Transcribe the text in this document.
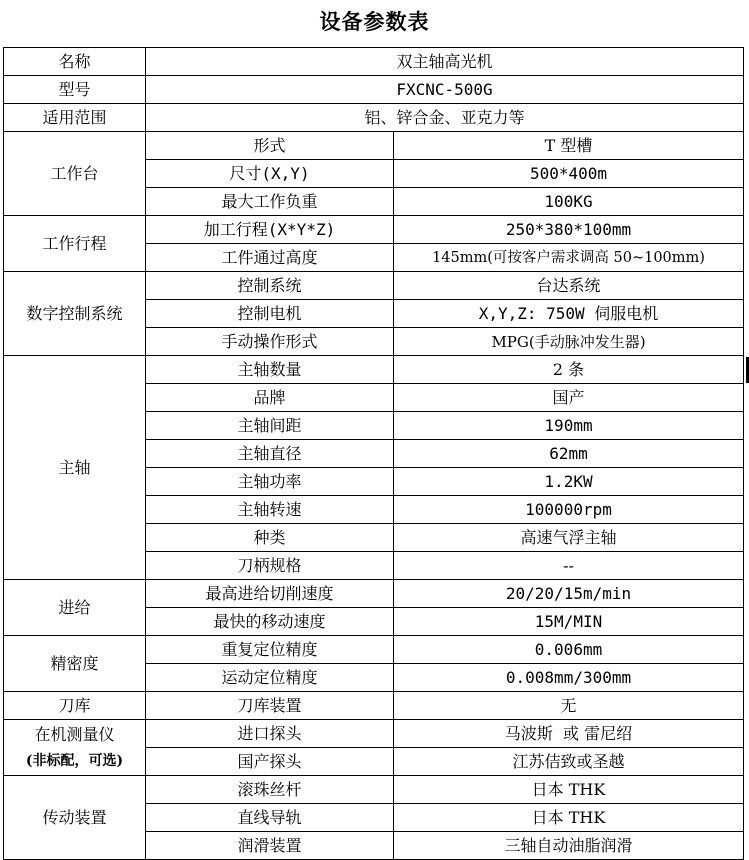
设备参数表
名称	双主轴高光机	
型号	FXCNC-500G	
适用范围	铝、锌合金、亚克力等	
工作台	形式	T 型槽
	尺寸(X,Y)	500*400m
	最大工作负重	100KG
工作行程	加工行程(X*Y*Z)	250*380*100mm
	工件通过高度	145mm(可按客户需求调高 50~100mm)
数字控制系统	控制系统	台达系统
	控制电机	X,Y,Z: 750W 伺服电机
	手动操作形式	MPG(手动脉冲发生器)
主轴	主轴数量	2 条
	品牌	国产
	主轴间距	190mm
	主轴直径	62mm
	主轴功率	1.2KW
	主轴转速	100000rpm
	种类	高速气浮主轴
	刀柄规格	--
进给	最高进给切削速度	20/20/15m/min
	最快的移动速度	15M/MIN
精密度	重复定位精度	0.006mm
	运动定位精度	0.008mm/300mm
刀库	刀库装置	无

在机测量仪
(非标配，可选)	进口探头	马波斯  或 雷尼绍
	国产探头	江苏佶致或圣越
传动装置	滚珠丝杆	日本 THK
	直线导轨	日本 THK
	润滑装置	三轴自动油脂润滑
